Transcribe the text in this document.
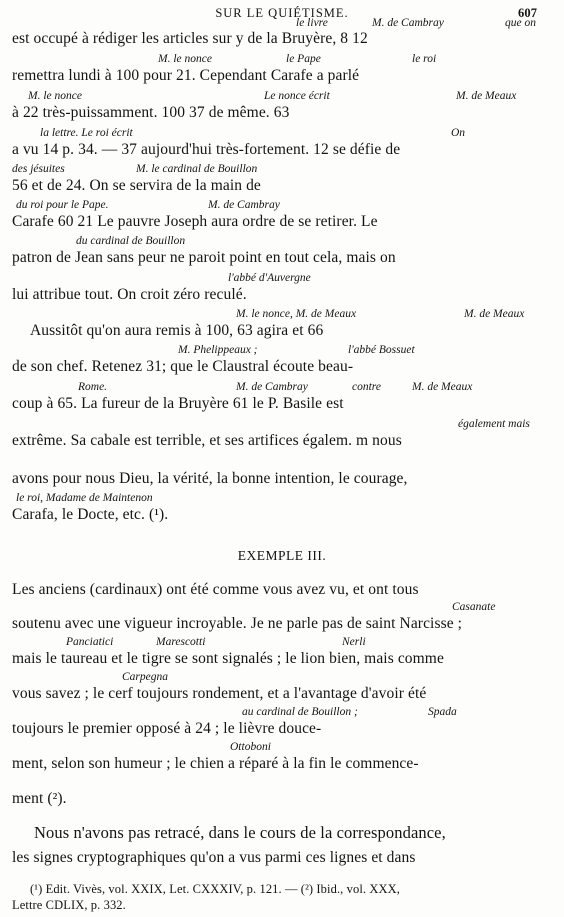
SUR LE QUIÉTISME.	607
le livre	M. de Cambray	que on
est occupé à rédiger les articles sur y de la Bruyère, 8 12
M. le nonce	le Pape	le roi
remettra lundi à 100 pour 21. Cependant Carafe a parlé
M. le nonce	Le nonce écrit	M. de Meaux
à 22 très-puissamment. 100 37 de même. 63
la lettre. Le roi écrit	On
a vu 14 p. 34. — 37 aujourd'hui très-fortement. 12 se défie de
des jésuites	M. le cardinal de Bouillon
56 et de 24. On se servira de la main de
du roi pour le Pape.	M. de Cambray
Carafe 60 21 Le pauvre Joseph aura ordre de se retirer. Le
du cardinal de Bouillon
patron de Jean sans peur ne paroit point en tout cela, mais on
l'abbé d'Auvergne
lui attribue tout. On croit zéro reculé.
M. le nonce, M. de Meaux	M. de Meaux
Aussitôt qu'on aura remis à 100, 63 agira et 66
M. Phelippeaux ;	l'abbé Bossuet
de son chef. Retenez 31; que le Claustral écoute beau-
Rome.	M. de Cambray	contre	M. de Meaux
coup à 65. La fureur de la Bruyère 61 le P. Basile est
également mais
extrême. Sa cabale est terrible, et ses artifices égalem. m nous
avons pour nous Dieu, la vérité, la bonne intention, le courage,
le roi, Madame de Maintenon
Carafa, le Docte, etc. (¹).
EXEMPLE III.
Les anciens (cardinaux) ont été comme vous avez vu, et ont tous
Casanate
soutenu avec une vigueur incroyable. Je ne parle pas de saint Narcisse ;
Panciatici	Marescotti	Nerli
mais le taureau et le tigre se sont signalés ; le lion bien, mais comme
Carpegna
vous savez ; le cerf toujours rondement, et a l'avantage d'avoir été
au cardinal de Bouillon ;	Spada
toujours le premier opposé à 24 ; le lièvre douce-
Ottoboni
ment, selon son humeur ; le chien a réparé à la fin le commence-
ment (²).
Nous n'avons pas retracé, dans le cours de la correspondance,
les signes cryptographiques qu'on a vus parmi ces lignes et dans
(¹) Edit. Vivès, vol. XXIX, Let. CXXXIV, p. 121. — (²) Ibid., vol. XXX,
Lettre CDLIX, p. 332.
